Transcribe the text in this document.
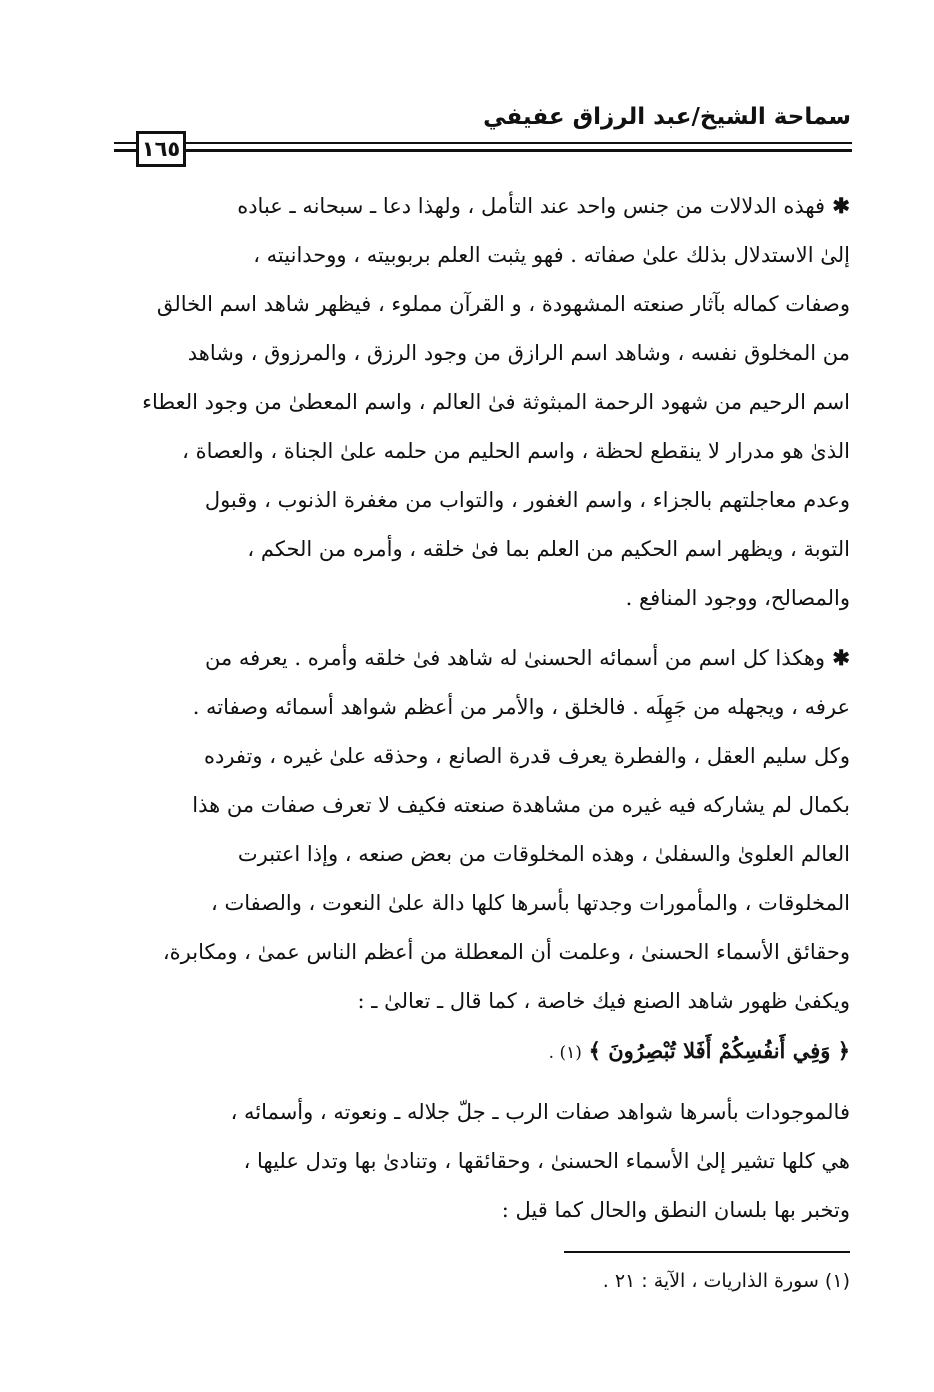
سماحة الشيخ/عبد الرزاق عفيفي
١٦٥

✱ فهذه الدلالات من جنس واحد عند التأمل ، ولهذا دعا ـ سبحانه ـ عباده
إلىٰ الاستدلال بذلك علىٰ صفاته . فهو يثبت العلم بربوبيته ، ووحدانيته ،
وصفات كماله بآثار صنعته المشهودة ، و القرآن مملوء ، فيظهر شاهد اسم الخالق
من المخلوق نفسه ، وشاهد اسم الرازق من وجود الرزق ، والمرزوق ، وشاهد
اسم الرحيم من شهود الرحمة المبثوثة فىٰ العالم ، واسم المعطىٰ من وجود العطاء
الذىٰ هو مدرار لا ينقطع لحظة ، واسم الحليم من حلمه علىٰ الجناة ، والعصاة ،
وعدم معاجلتهم بالجزاء ، واسم الغفور ، والتواب من مغفرة الذنوب ، وقبول
التوبة ، ويظهر اسم الحكيم من العلم بما فىٰ خلقه ، وأمره من الحكم ،
والمصالح، ووجود المنافع .

✱ وهكذا كل اسم من أسمائه الحسنىٰ له شاهد فىٰ خلقه وأمره . يعرفه من
عرفه ، ويجهله من جَهِلَه . فالخلق ، والأمر من أعظم شواهد أسمائه وصفاته .
وكل سليم العقل ، والفطرة يعرف قدرة الصانع ، وحذقه علىٰ غيره ، وتفرده
بكمال لم يشاركه فيه غيره من مشاهدة صنعته فكيف لا تعرف صفات من هذا
العالم العلوىٰ والسفلىٰ ، وهذه المخلوقات من بعض صنعه ، وإذا اعتبرت
المخلوقات ، والمأمورات وجدتها بأسرها كلها دالة علىٰ النعوت ، والصفات ،
وحقائق الأسماء الحسنىٰ ، وعلمت أن المعطلة من أعظم الناس عمىٰ ، ومكابرة،
ويكفىٰ ظهور شاهد الصنع فيك خاصة ، كما قال ـ تعالىٰ ـ :
﴿ وَفِي أَنفُسِكُمْ أَفَلا تُبْصِرُونَ ﴾ (١) .

فالموجودات بأسرها شواهد صفات الرب ـ جلّ جلاله ـ ونعوته ، وأسمائه ،
هي كلها تشير إلىٰ الأسماء الحسنىٰ ، وحقائقها ، وتنادىٰ بها وتدل عليها ،
وتخبر بها بلسان النطق والحال كما قيل :

(١) سورة الذاريات ، الآية : ٢١ .
